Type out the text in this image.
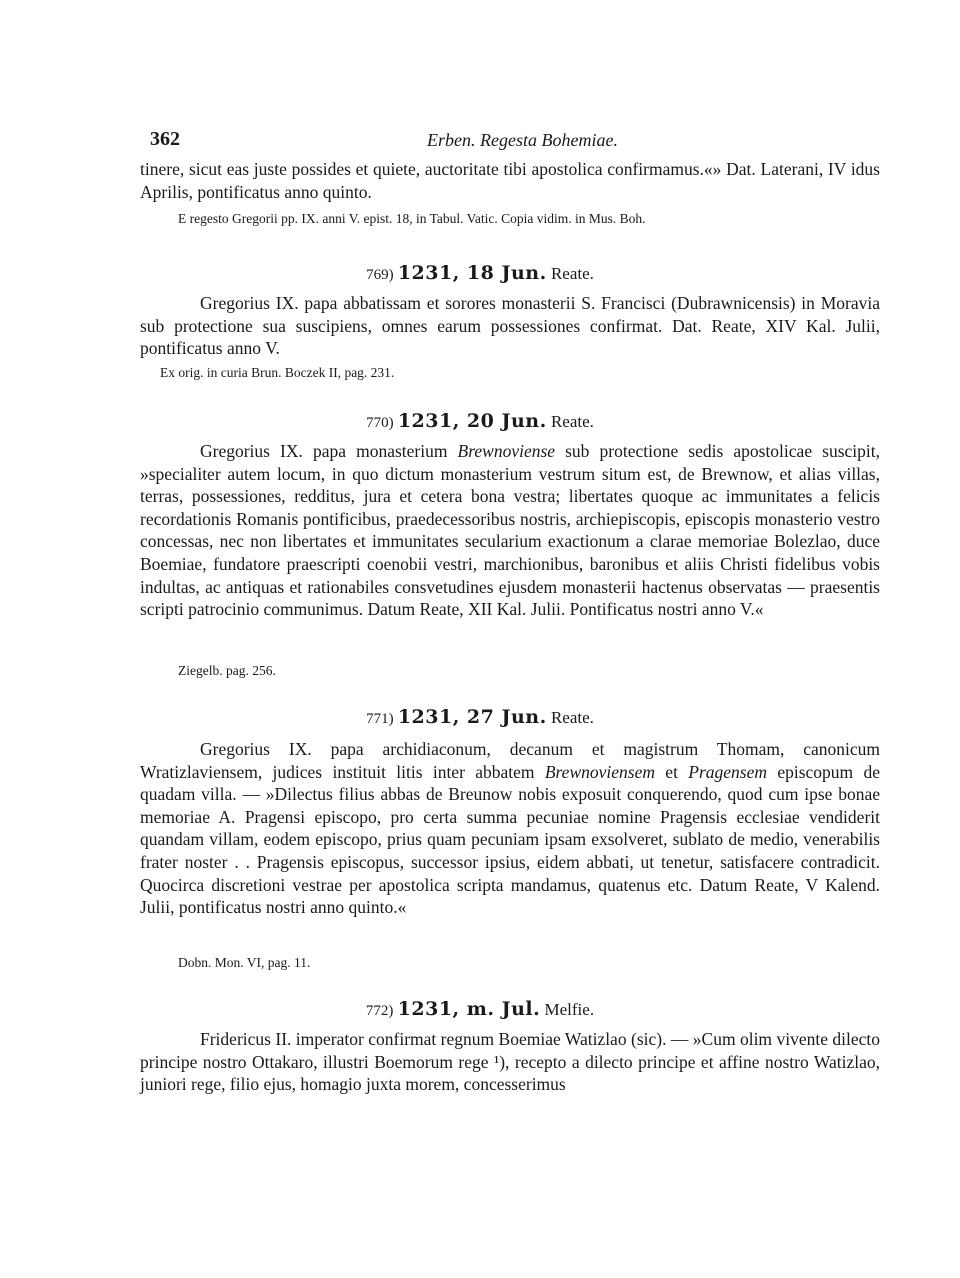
362	Erben. Regesta Bohemiae.

tinere, sicut eas juste possides et quiete, auctoritate tibi apostolica confirmamus.«» Dat. Laterani, IV idus Aprilis, pontificatus anno quinto.

E regesto Gregorii pp. IX. anni V. epist. 18, in Tabul. Vatic. Copia vidim. in Mus. Boh.
769) 1231, 18 Jun. Reate.

Gregorius IX. papa abbatissam et sorores monasterii S. Francisci (Dubrawnicensis) in Moravia sub protectione sua suscipiens, omnes earum possessiones confirmat. Dat. Reate, XIV Kal. Julii, pontificatus anno V.

Ex orig. in curia Brun. Boczek II, pag. 231.
770) 1231, 20 Jun. Reate.

Gregorius IX. papa monasterium Brewnoviense sub protectione sedis apostolicae suscipit, »specialiter autem locum, in quo dictum monasterium vestrum situm est, de Brewnow, et alias villas, terras, possessiones, redditus, jura et cetera bona vestra; libertates quoque ac immunitates a felicis recordationis Romanis pontificibus, praedecessoribus nostris, archiepiscopis, episcopis monasterio vestro concessas, nec non libertates et immunitates secularium exactionum a clarae memoriae Bolezlao, duce Boemiae, fundatore praescripti coenobii vestri, marchionibus, baronibus et aliis Christi fidelibus vobis indultas, ac antiquas et rationabiles consvetudines ejusdem monasterii hactenus observatas — praesentis scripti patrocinio communimus. Datum Reate, XII Kal. Julii. Pontificatus nostri anno V.«

Ziegelb. pag. 256.
771) 1231, 27 Jun. Reate.

Gregorius IX. papa archidiaconum, decanum et magistrum Thomam, canonicum Wratizlaviensem, judices instituit litis inter abbatem Brewnoviensem et Pragensem episcopum de quadam villa. — »Dilectus filius abbas de Breunow nobis exposuit conquerendo, quod cum ipse bonae memoriae A. Pragensi episcopo, pro certa summa pecuniae nomine Pragensis ecclesiae vendiderit quandam villam, eodem episcopo, prius quam pecuniam ipsam exsolveret, sublato de medio, venerabilis frater noster . . Pragensis episcopus, successor ipsius, eidem abbati, ut tenetur, satisfacere contradicit. Quocirca discretioni vestrae per apostolica scripta mandamus, quatenus etc. Datum Reate, V Kalend. Julii, pontificatus nostri anno quinto.«

Dobn. Mon. VI, pag. 11.
772) 1231, m. Jul. Melfie.

Fridericus II. imperator confirmat regnum Boemiae Watizlao (sic). — »Cum olim vivente dilecto principe nostro Ottakaro, illustri Boemorum rege ¹), recepto a dilecto principe et affine nostro Watizlao, juniori rege, filio ejus, homagio juxta morem, concesserimus
